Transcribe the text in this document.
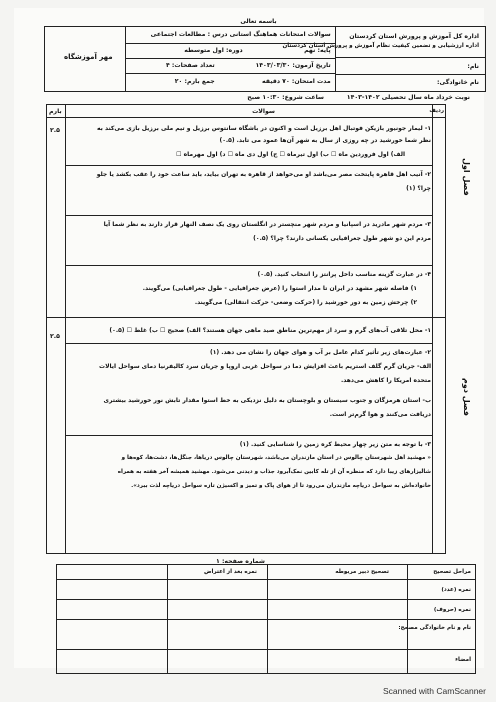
اداره کل آموزش و پرورش استان کردستان
اداره ارزشیابی و تضمین کیفیت نظام آموزش و پرورش استان کردستان
نام:
نام خانوادگی:
باسمه تعالی
سوالات امتحانات هماهنگ استانی درس : مطالعات اجتماعی
پایه: نهم
دوره: اول متوسطه
تاریخ آزمون: ۱۴۰۳/۰۳/۳۰
تعداد صفحات: ۴
مدت امتحان: ۷۰ دقیقه
جمع بارم: ۲۰
مهر آموزشگاه
نوبت خرداد ماه سال تحصیلی ۱۴۰۲-۱۴۰۳
ساعت شروع: ۱۰:۳۰ صبح
ردیف
سوالات
بارم
۲.۵
۲.۵
۱- لیمار جونیور بازیکن فوتبال اهل برزیل است و اکنون در باشگاه سانتوس برزیل و تیم ملی برزیل بازی می‌کند به
نظر شما خورشید در چه روزی از سال به شهر آن‌ها عمود می تابد. (۰.۵)
الف) اول فروردین ماه ☐ ب) اول تیرماه ☐ ج) اول دی ماه ☐ د) اول مهرماه ☐
۲- آنیب اهل قاهره پایتخت مصر می‌باشد او می‌خواهد از قاهره به تهران بیاید، باید ساعت خود را عقب بکشد یا جلو
چرا؟ (۱)
۳- مردم شهر مادرید در اسپانیا و مردم شهر منچستر در انگلستان روی یک نصف النهار قرار دارند به نظر شما آیا
مردم این دو شهر طول جغرافیایی یکسانی دارند؟ چرا؟ (۰.۵)
۴- در عبارت گزینه مناسب داخل پرانتز را انتخاب کنید. (۰.۵)
۱) فاصله شهر مشهد در ایران تا مدار استوا را (عرض جغرافیایی - طول جغرافیایی) می‌گویند.
۲) چرخش زمین به دور خورشید را (حرکت وضعی- حرکت انتقالی) می‌گویند.
۱- محل تلاقی آب‌های گرم و سرد از مهم‌ترین مناطق صید ماهی جهان هستند؟ الف) صحیح ☐ ب) غلط ☐ (۰.۵)
۲- عبارت‌های زیر تأثیر کدام عامل بر آب و هوای جهان را نشان می دهد. (۱)
الف- جریان گرم گلف استریم باعث افزایش دما در سواحل غربی اروپا و جریان سرد کالیفرنیا دمای سواحل ایالات
متحده امریکا را کاهش می‌دهد.
ب- استان هرمزگان و جنوب سیستان و بلوچستان به دلیل نزدیکی به خط استوا مقدار تابش نور خورشید بیشتری
دریافت می‌کنند و هوا گرم‌تر است.
۳- با توجه به متن زیر چهار محیط کره زمین را شناسایی کنید. (۱)
« مهشید اهل شهرستان چالوس در استان مازندران می‌باشد، شهرستان چالوس دریاها، جنگل‌ها، دشت‌ها، کوه‌ها و
شالیزارهای زیبا دارد که منظره آن از تله کابین نمک‌آبرود جذاب و دیدنی می‌شود. مهشید همیشه آخر هفته به همراه
خانواده‌اش به سواحل دریاچه مازندران می‌رود تا از هوای پاک و تمیز و اکسیژن تازه سواحل دریاچه لذت ببرد».
شماره صفحه: ۱
فصل اول
فصل دوم
مراحل تصحیح
تصحیح دبیر مربوطه
نمره بعد از اعتراض
نمره (عدد)
نمره (حروف)
نام و نام خانوادگی مصحح:
امضاء
Scanned with CamScanner
